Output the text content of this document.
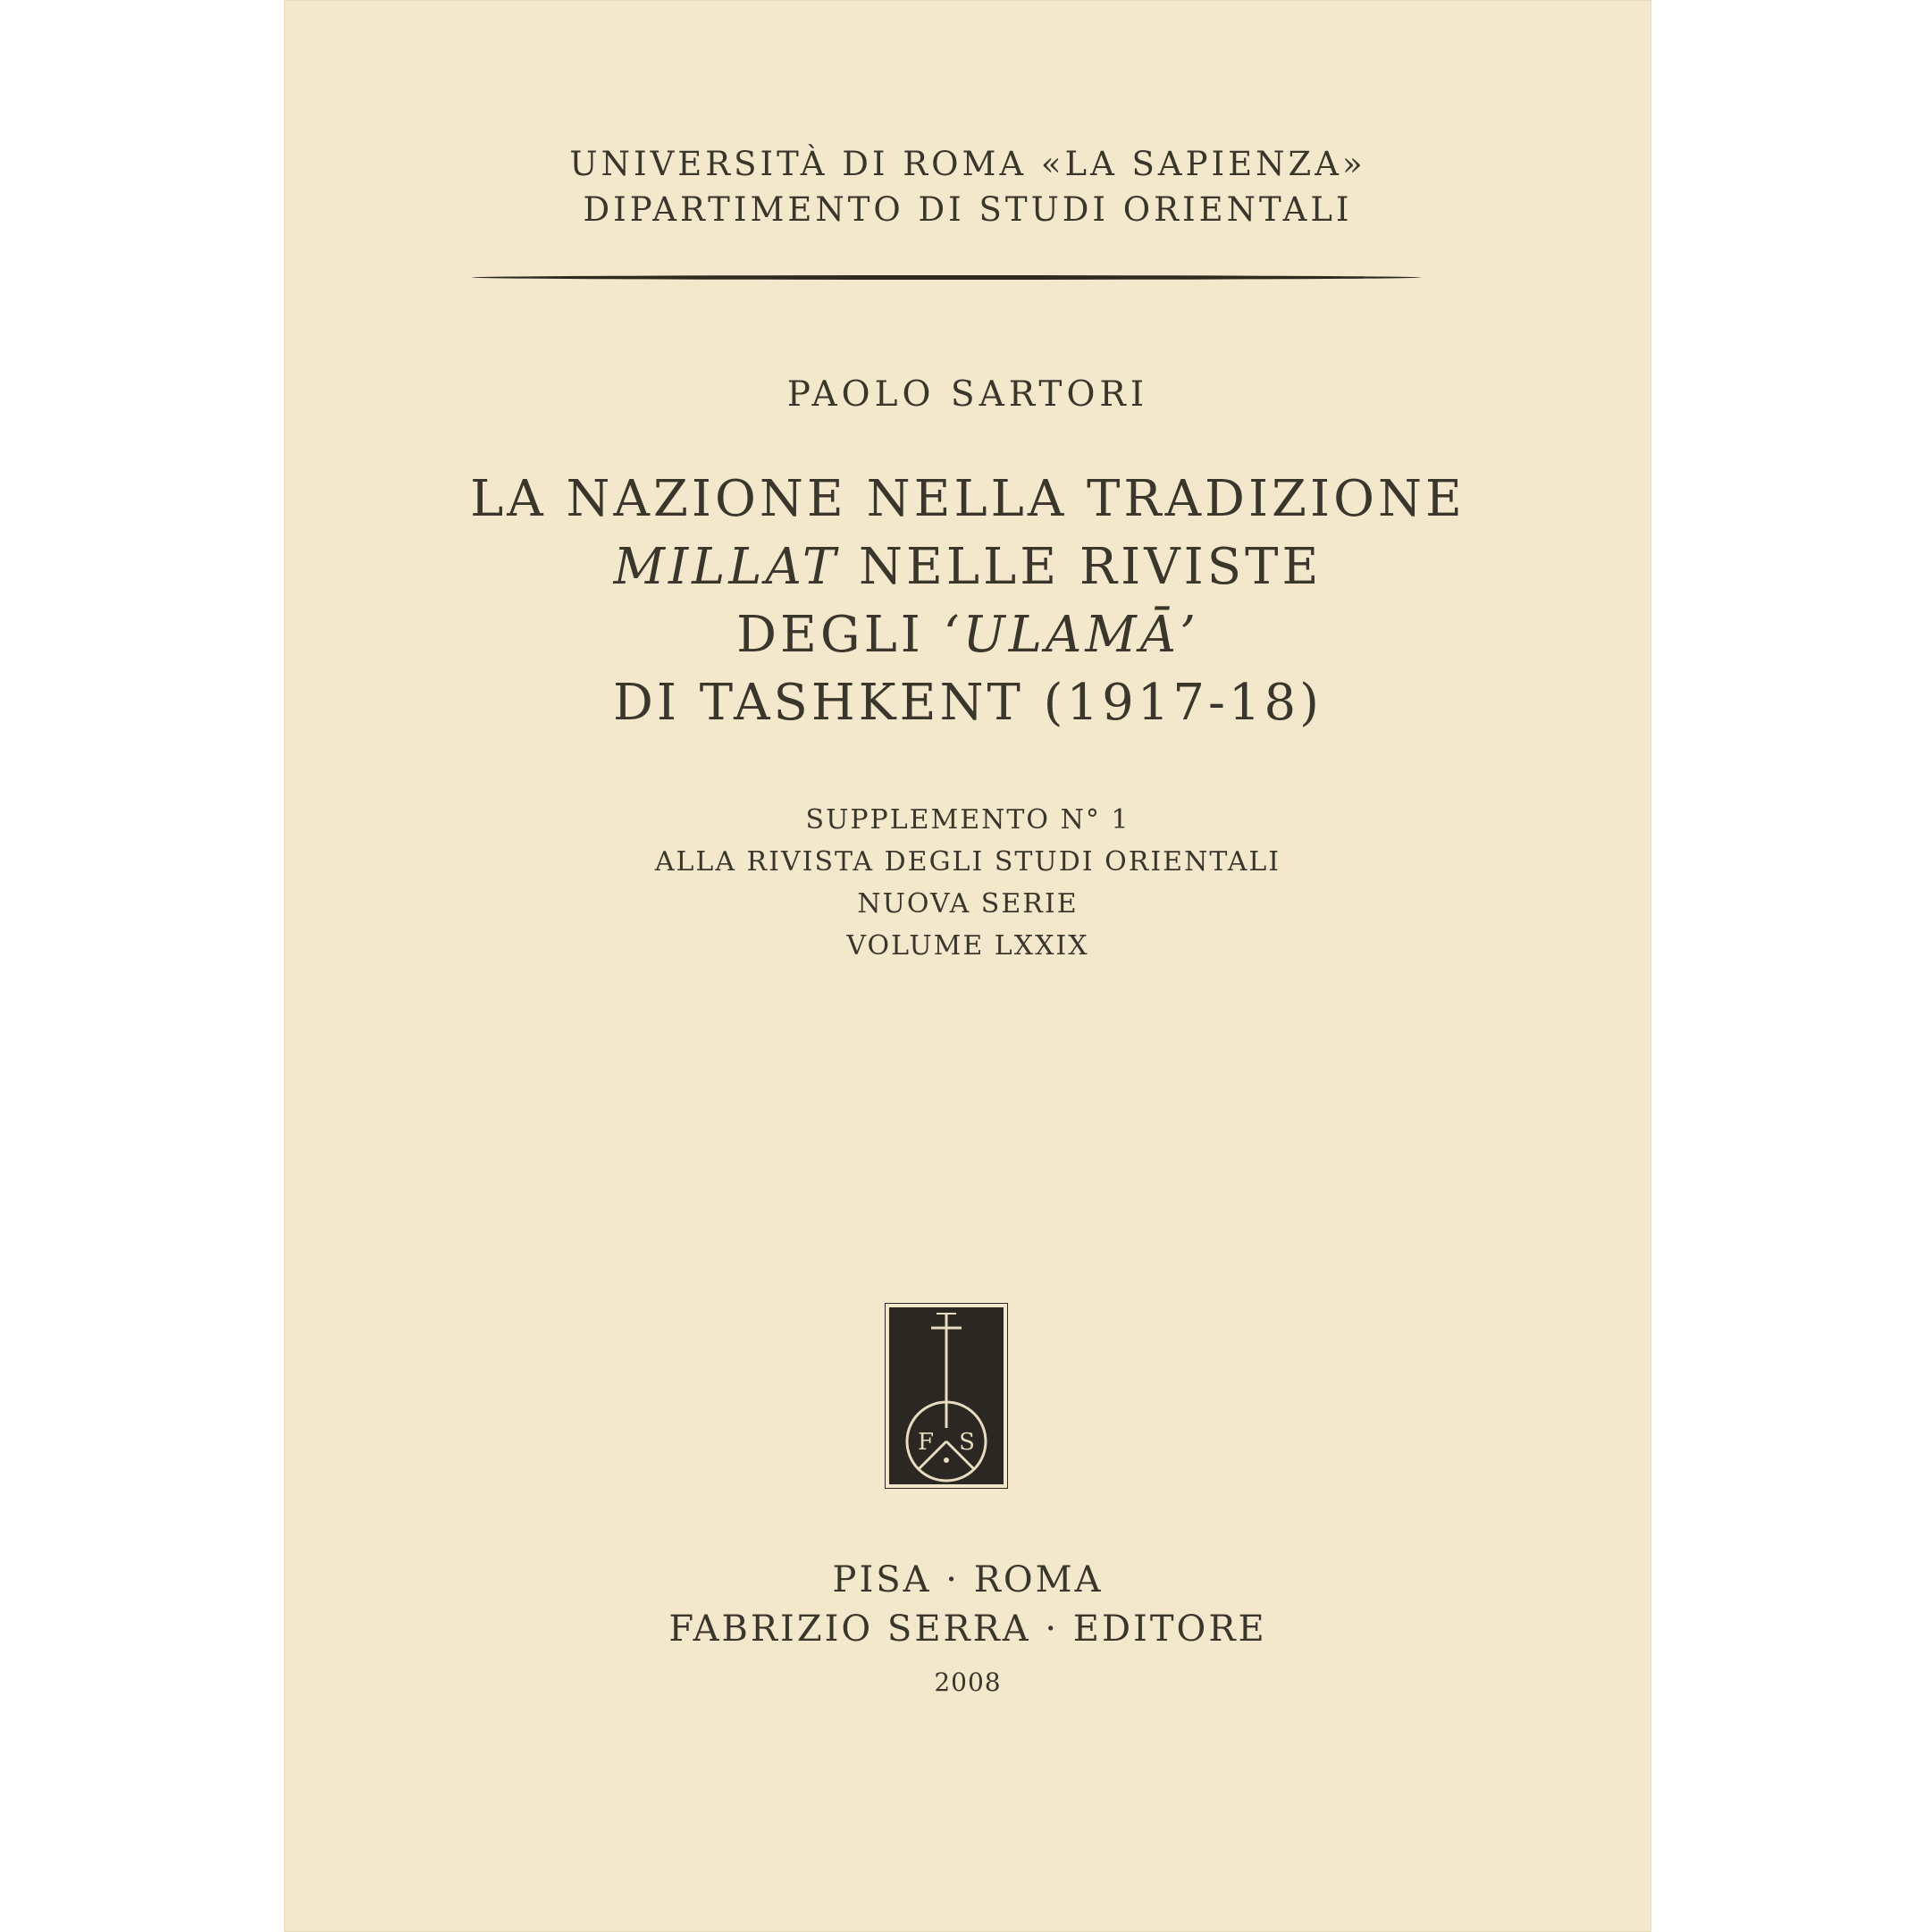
UNIVERSITÀ DI ROMA «LA SAPIENZA»
DIPARTIMENTO DI STUDI ORIENTALI
PAOLO SARTORI
LA NAZIONE NELLA TRADIZIONE
MILLAT NELLE RIVISTE
DEGLI ‘ULAMĀ’
DI TASHKENT (1917-18)
SUPPLEMENTO N° 1
ALLA RIVISTA DEGLI STUDI ORIENTALI
NUOVA SERIE
VOLUME LXXIX
F S
PISA · ROMA
FABRIZIO SERRA · EDITORE
2008
